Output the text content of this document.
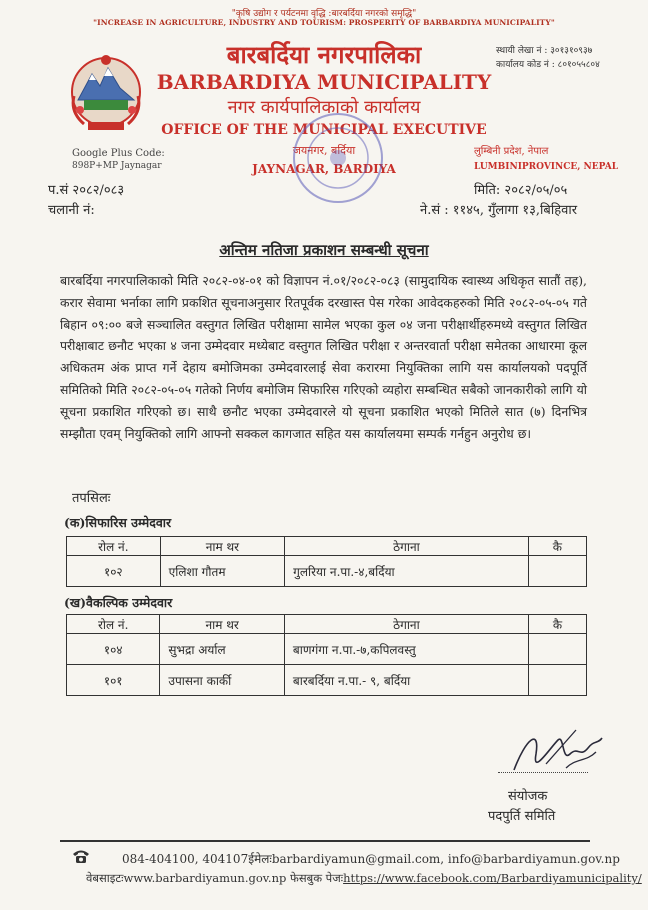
"कृषि उद्योग र पर्यटनमा वृद्धि :बारबर्दिया नगरको समृद्धि"
"INCREASE IN AGRICULTURE, INDUSTRY AND TOURISM: PROSPERITY OF BARBARDIYA MUNICIPALITY"
बारबर्दिया नगरपालिका
BARBARDIYA MUNICIPALITY
नगर कार्यपालिकाको कार्यालय
OFFICE OF THE MUNICIPAL EXECUTIVE
जयनगर, बर्दिया
JAYNAGAR, BARDIYA
Google Plus Code:
898P+MP Jaynagar
स्थायी लेखा नं : ३०१३१०९३७
कार्यालय कोड नं : ८०१०५५८०४
लुम्बिनी प्रदेश, नेपाल
LUMBINIPROVINCE, NEPAL
प.सं २०८२/०८३
चलानी नं:
मिति: २०८२/०५/०५
ने.सं : ११४५, गुँलागा १३,बिहिवार
अन्तिम नतिजा प्रकाशन सम्बन्धी सूचना
बारबर्दिया नगरपालिकाको मिति २०८२-०४-०१ को विज्ञापन नं.०१/२०८२-०८३ (सामुदायिक स्वास्थ्य अधिकृत सातौं तह), करार सेवामा भर्नाका लागि प्रकशित सूचनाअनुसार रितपूर्वक दरखास्त पेस गरेका आवेदकहरुको मिति २०८२-०५-०५ गते बिहान ०९:०० बजे सञ्चालित वस्तुगत लिखित परीक्षामा सामेल भएका कुल ०४ जना परीक्षार्थीहरुमध्ये वस्तुगत लिखित परीक्षाबाट छनौट भएका ४ जना उम्मेदवार मध्येबाट वस्तुगत लिखित परीक्षा र अन्तरवार्ता परीक्षा समेतका आधारमा कूल अधिकतम अंक प्राप्त गर्ने देहाय बमोजिमका उम्मेदवारलाई सेवा करारमा नियुक्तिका लागि यस कार्यालयको पदपूर्ति समितिको मिति २०८२-०५-०५ गतेको निर्णय बमोजिम सिफारिस गरिएको व्यहोरा सम्बन्धित सबैको जानकारीको लागि यो सूचना प्रकाशित गरिएको छ। साथै छनौट भएका उम्मेदवारले यो सूचना प्रकाशित भएको मितिले सात (७) दिनभित्र सम्झौता एवम् नियुक्तिको लागि आफ्नो सक्कल कागजात सहित यस कार्यालयमा सम्पर्क गर्नहुन अनुरोध छ।
तपसिलः
(क)सिफारिस उम्मेदवार
रोल नं.	नाम थर	ठेगाना	कै
१०२	एलिशा गौतम	गुलरिया न.पा.-४,बर्दिया	
(ख)वैकल्पिक उम्मेदवार
रोल नं.	नाम थर	ठेगाना	कै
१०४	सुभद्रा अर्याल	बाणगंगा न.पा.-७,कपिलवस्तु	
१०१	उपासना कार्की	बारबर्दिया न.पा.- ९, बर्दिया	
संयोजक
पदपुर्ति समिति
084-404100, 404107ईमेलःbarbardiyamun@gmail.com, info@barbardiyamun.gov.np
वेबसाइटःwww.barbardiyamun.gov.np फेसबुक पेजःhttps://www.facebook.com/Barbardiyamunicipality/
